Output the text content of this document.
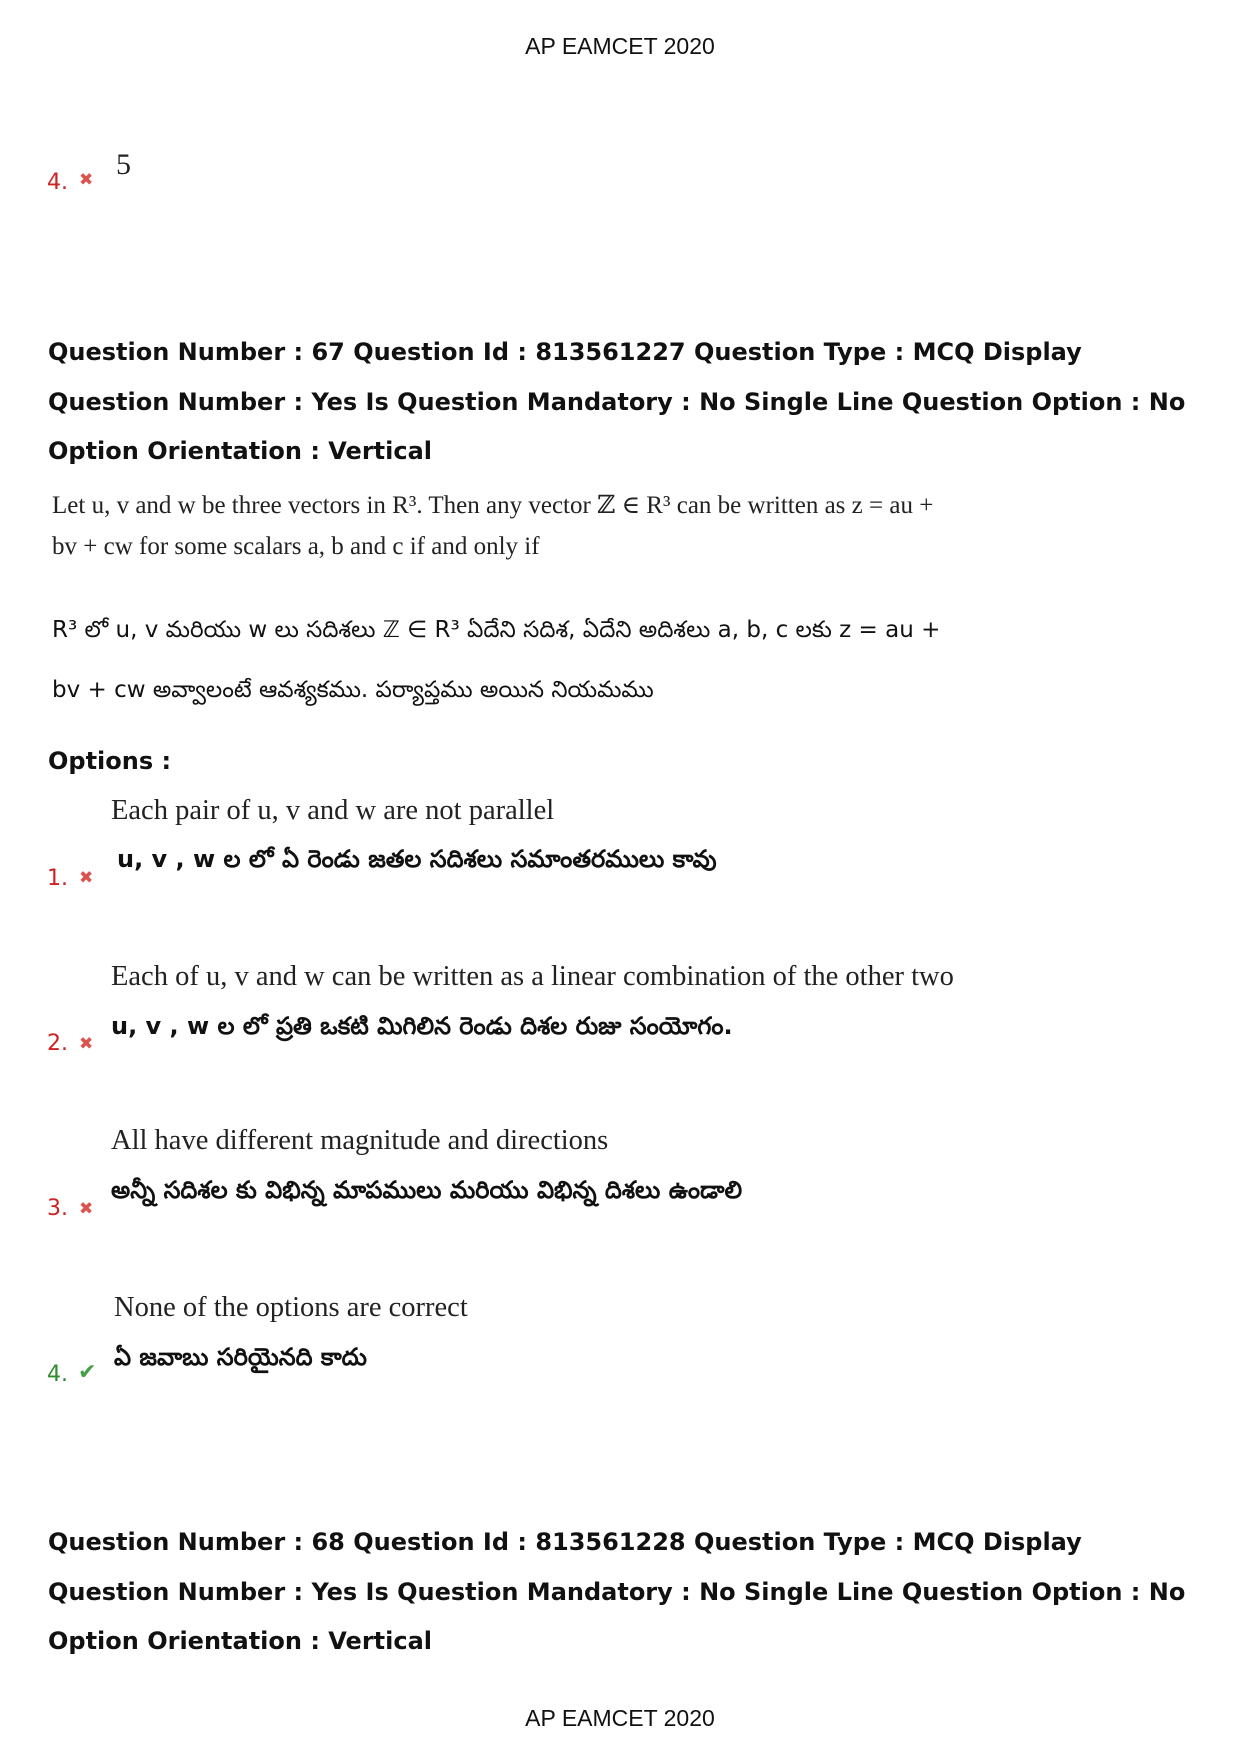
AP EAMCET 2020
4. ✖ 5
Question Number : 67 Question Id : 813561227 Question Type : MCQ Display Question Number : Yes Is Question Mandatory : No Single Line Question Option : No Option Orientation : Vertical
Let u, v and w be three vectors in R³. Then any vector ℤ ∈ R³ can be written as z = au +
bv + cw for some scalars a, b and c if and only if
R³ లో u, v మరియు w లు సదిశలు ℤ ∈ R³ ఏదేని సదిశ, ఏదేని అదిశలు a, b, c లకు z = au +
bv + cw అవ్వాలంటే ఆవశ్యకము. పర్యాప్తము అయిన నియమము
Options :
Each pair of u, v and w are not parallel
1. ✖
u, v , w ల లో ఏ రెండు జతల సదిశలు సమాంతరములు కావు
Each of u, v and w can be written as a linear combination of the other two
2. ✖
u, v , w ల లో ప్రతి ఒకటి మిగిలిన రెండు దిశల రుజు సంయోగం.
All have different magnitude and directions
3. ✖
అన్నీ సదిశల కు విభిన్న మాపములు మరియు విభిన్న దిశలు ఉండాలి
None of the options are correct
4. ✔
ఏ జవాబు సరియైనది కాదు
Question Number : 68 Question Id : 813561228 Question Type : MCQ Display Question Number : Yes Is Question Mandatory : No Single Line Question Option : No Option Orientation : Vertical
AP EAMCET 2020
